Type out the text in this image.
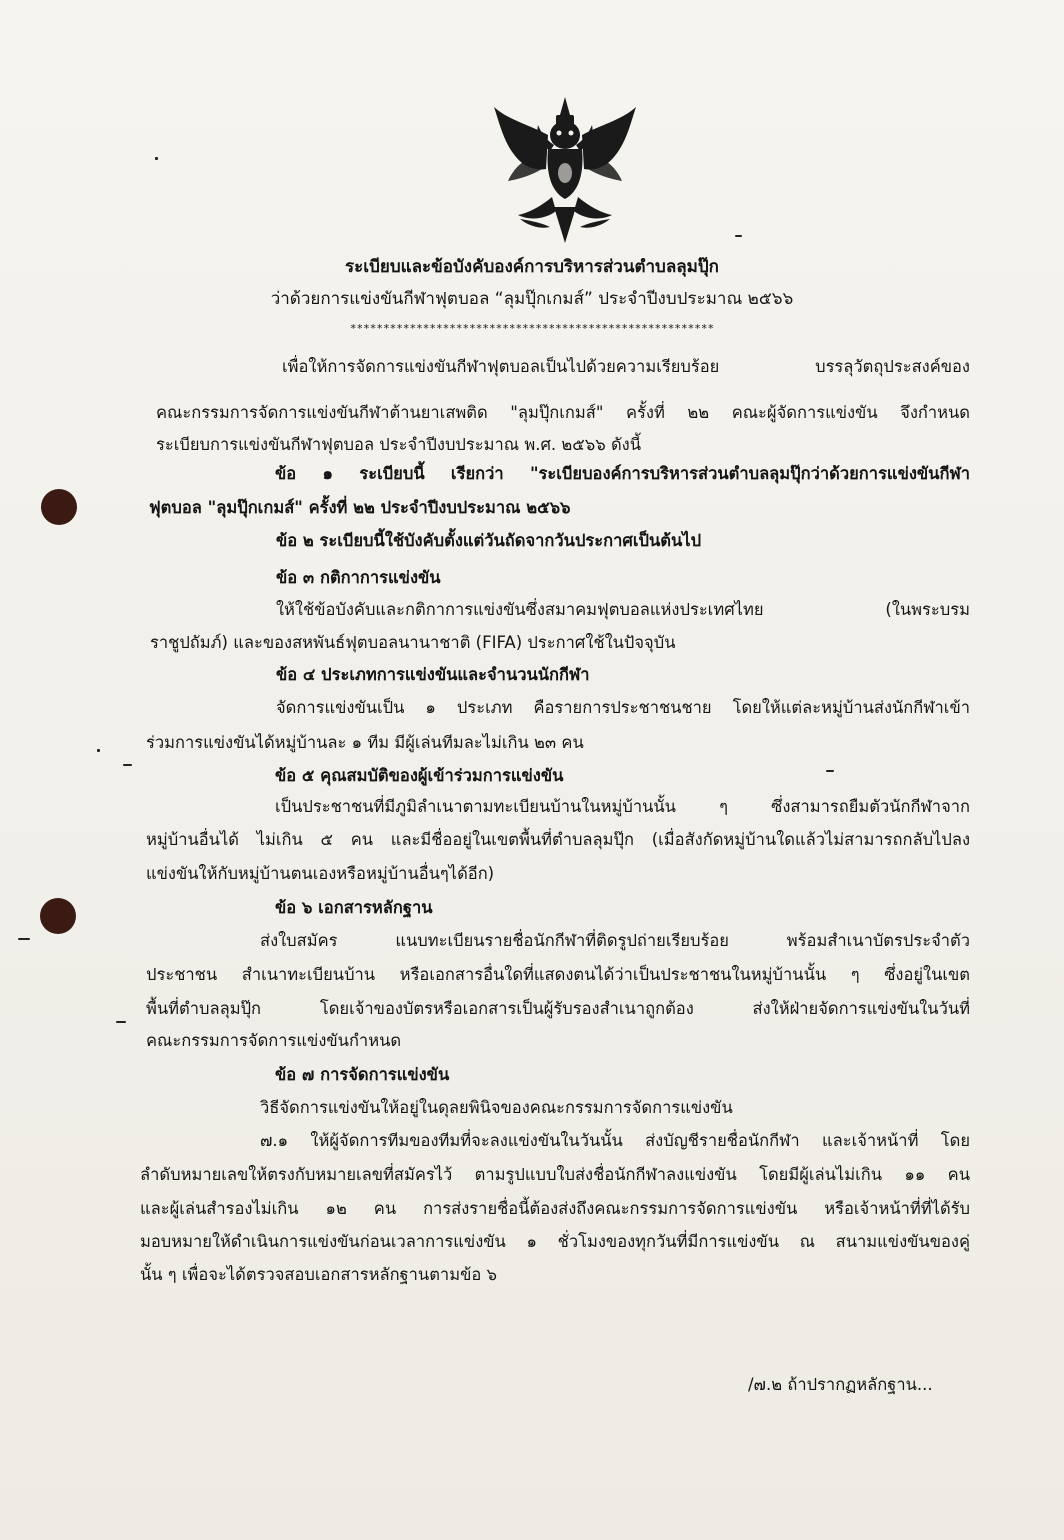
ระเบียบและข้อบังคับองค์การบริหารส่วนตำบลลุมปุ๊ก
ว่าด้วยการแข่งขันกีฬาฟุตบอล “ลุมปุ๊กเกมส์” ประจำปีงบประมาณ ๒๕๖๖
*******************************************************
เพื่อให้การจัดการแข่งขันกีฬาฟุตบอลเป็นไปด้วยความเรียบร้อย บรรลุวัตถุประสงค์ของ
คณะกรรมการจัดการแข่งขันกีฬาต้านยาเสพติด "ลุมปุ๊กเกมส์" ครั้งที่ ๒๒ คณะผู้จัดการแข่งขัน จึงกำหนด
ระเบียบการแข่งขันกีฬาฟุตบอล ประจำปีงบประมาณ พ.ศ. ๒๕๖๖ ดังนี้
ข้อ ๑ ระเบียบนี้ เรียกว่า "ระเบียบองค์การบริหารส่วนตำบลลุมปุ๊กว่าด้วยการแข่งขันกีฬา
ฟุตบอล "ลุมปุ๊กเกมส์" ครั้งที่ ๒๒ ประจำปีงบประมาณ ๒๕๖๖
ข้อ ๒ ระเบียบนี้ใช้บังคับตั้งแต่วันถัดจากวันประกาศเป็นต้นไป
ข้อ ๓ กติกาการแข่งขัน
ให้ใช้ข้อบังคับและกติกาการแข่งขันซึ่งสมาคมฟุตบอลแห่งประเทศไทย (ในพระบรม
ราชูปถัมภ์) และของสหพันธ์ฟุตบอลนานาชาติ (FIFA) ประกาศใช้ในปัจจุบัน
ข้อ ๔ ประเภทการแข่งขันและจำนวนนักกีฬา
จัดการแข่งขันเป็น ๑ ประเภท คือรายการประชาชนชาย โดยให้แต่ละหมู่บ้านส่งนักกีฬาเข้า
ร่วมการแข่งขันได้หมู่บ้านละ ๑ ทีม มีผู้เล่นทีมละไม่เกิน ๒๓ คน
ข้อ ๕ คุณสมบัติของผู้เข้าร่วมการแข่งขัน
เป็นประชาชนที่มีภูมิลำเนาตามทะเบียนบ้านในหมู่บ้านนั้น ๆ ซึ่งสามารถยืมตัวนักกีฬาจาก
หมู่บ้านอื่นได้ ไม่เกิน ๕ คน และมีชื่ออยู่ในเขตพื้นที่ตำบลลุมปุ๊ก (เมื่อสังกัดหมู่บ้านใดแล้วไม่สามารถกลับไปลง
แข่งขันให้กับหมู่บ้านตนเองหรือหมู่บ้านอื่นๆได้อีก)
ข้อ ๖ เอกสารหลักฐาน
ส่งใบสมัคร แนบทะเบียนรายชื่อนักกีฬาที่ติดรูปถ่ายเรียบร้อย พร้อมสำเนาบัตรประจำตัว
ประชาชน สำเนาทะเบียนบ้าน หรือเอกสารอื่นใดที่แสดงตนได้ว่าเป็นประชาชนในหมู่บ้านนั้น ๆ ซึ่งอยู่ในเขต
พื้นที่ตำบลลุมปุ๊ก โดยเจ้าของบัตรหรือเอกสารเป็นผู้รับรองสำเนาถูกต้อง ส่งให้ฝ่ายจัดการแข่งขันในวันที่
คณะกรรมการจัดการแข่งขันกำหนด
ข้อ ๗ การจัดการแข่งขัน
วิธีจัดการแข่งขันให้อยู่ในดุลยพินิจของคณะกรรมการจัดการแข่งขัน
๗.๑ ให้ผู้จัดการทีมของทีมที่จะลงแข่งขันในวันนั้น ส่งบัญชีรายชื่อนักกีฬา และเจ้าหน้าที่ โดย
ลำดับหมายเลขให้ตรงกับหมายเลขที่สมัครไว้ ตามรูปแบบใบส่งชื่อนักกีฬาลงแข่งขัน โดยมีผู้เล่นไม่เกิน ๑๑ คน
และผู้เล่นสำรองไม่เกิน ๑๒ คน การส่งรายชื่อนี้ต้องส่งถึงคณะกรรมการจัดการแข่งขัน หรือเจ้าหน้าที่ที่ได้รับ
มอบหมายให้ดำเนินการแข่งขันก่อนเวลาการแข่งขัน ๑ ชั่วโมงของทุกวันที่มีการแข่งขัน ณ สนามแข่งขันของคู่
นั้น ๆ เพื่อจะได้ตรวจสอบเอกสารหลักฐานตามข้อ ๖
/๗.๒ ถ้าปรากฏหลักฐาน...
